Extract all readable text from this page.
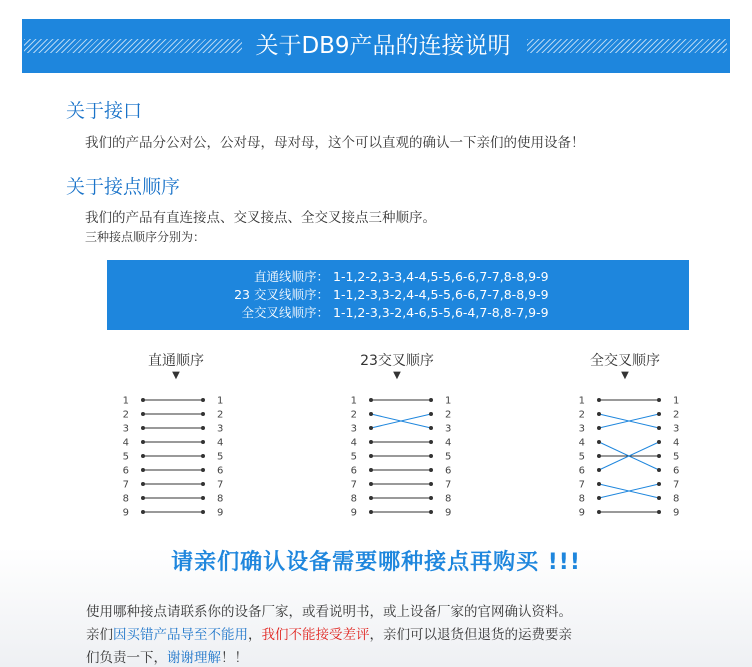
关于DB9产品的连接说明
关于接口
我们的产品分公对公，公对母，母对母，这个可以直观的确认一下亲们的使用设备！
关于接点顺序
我们的产品有直连接点、交叉接点、全交叉接点三种顺序。
三种接点顺序分别为：
直通线顺序： 1-1,2-2,3-3,4-4,5-5,6-6,7-7,8-8,9-9
23 交叉线顺序： 1-1,2-3,3-2,4-4,5-5,6-6,7-7,8-8,9-9
全交叉线顺序： 1-1,2-3,3-2,4-6,5-5,6-4,7-8,8-7,9-9
直通顺序
▼
1	1
2	2
3	3
4	4
5	5
6	6
7	7
8	8
9	9
23交叉顺序
▼
1	1
2	2
3	3
4	4
5	5
6	6
7	7
8	8
9	9
全交叉顺序
▼
1	1
2	2
3	3
4	4
5	5
6	6
7	7
8	8
9	9
请亲们确认设备需要哪种接点再购买 !!!
使用哪种接点请联系你的设备厂家，或看说明书，或上设备厂家的官网确认资料。
亲们因买错产品导至不能用，我们不能接受差评，亲们可以退货但退货的运费要亲
们负责一下，谢谢理解！！
